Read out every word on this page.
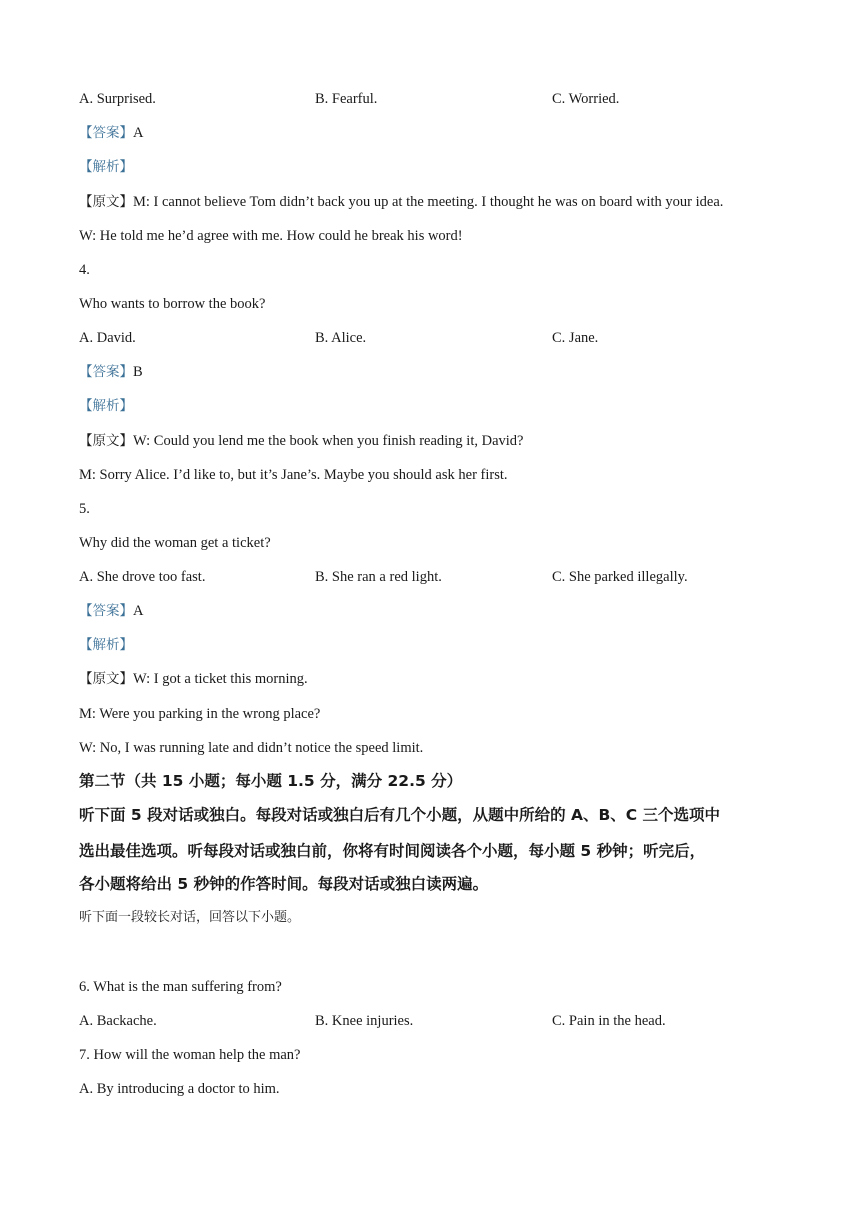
A. Surprised.	B. Fearful.	C. Worried.
【答案】A
【解析】
【原文】M: I cannot believe Tom didn’t back you up at the meeting. I thought he was on board with your idea.
W: He told me he’d agree with me. How could he break his word!
4.
Who wants to borrow the book?
A. David.	B. Alice.	C. Jane.
【答案】B
【解析】
【原文】W: Could you lend me the book when you finish reading it, David?
M: Sorry Alice. I’d like to, but it’s Jane’s. Maybe you should ask her first.
5.
Why did the woman get a ticket?
A. She drove too fast.	B. She ran a red light.	C. She parked illegally.
【答案】A
【解析】
【原文】W: I got a ticket this morning.
M: Were you parking in the wrong place?
W: No, I was running late and didn’t notice the speed limit.
第二节（共 15 小题；每小题 1.5 分，满分 22.5 分）
听下面 5 段对话或独白。每段对话或独白后有几个小题，从题中所给的 A、B、C 三个选项中
选出最佳选项。听每段对话或独白前，你将有时间阅读各个小题，每小题 5 秒钟；听完后，
各小题将给出 5 秒钟的作答时间。每段对话或独白读两遍。
听下面一段较长对话，回答以下小题。
6. What is the man suffering from?
A. Backache.	B. Knee injuries.	C. Pain in the head.
7. How will the woman help the man?
A. By introducing a doctor to him.
